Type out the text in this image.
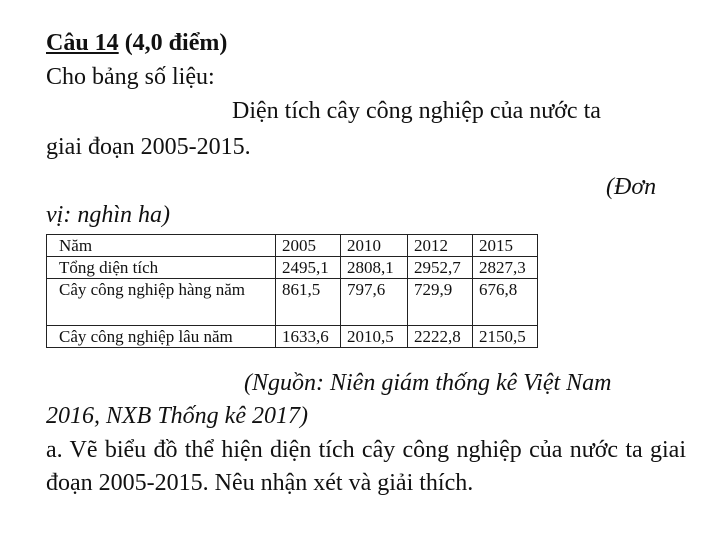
Câu 14 (4,0 điểm)
Cho bảng số liệu:
Diện tích cây công nghiệp của nước ta
giai đoạn 2005-2015.
(Đơn
vị: nghìn ha)
Năm	2005	2010	2012	2015
Tổng diện tích	2495,1	2808,1	2952,7	2827,3
Cây công nghiệp hàng năm	861,5	797,6	729,9	676,8
Cây công nghiệp lâu năm	1633,6	2010,5	2222,8	2150,5
(Nguồn: Niên giám thống kê Việt Nam
2016, NXB Thống kê 2017)
a. Vẽ biểu đồ thể hiện diện tích cây công nghiệp của nước ta giai đoạn 2005-2015. Nêu nhận xét và giải thích.
